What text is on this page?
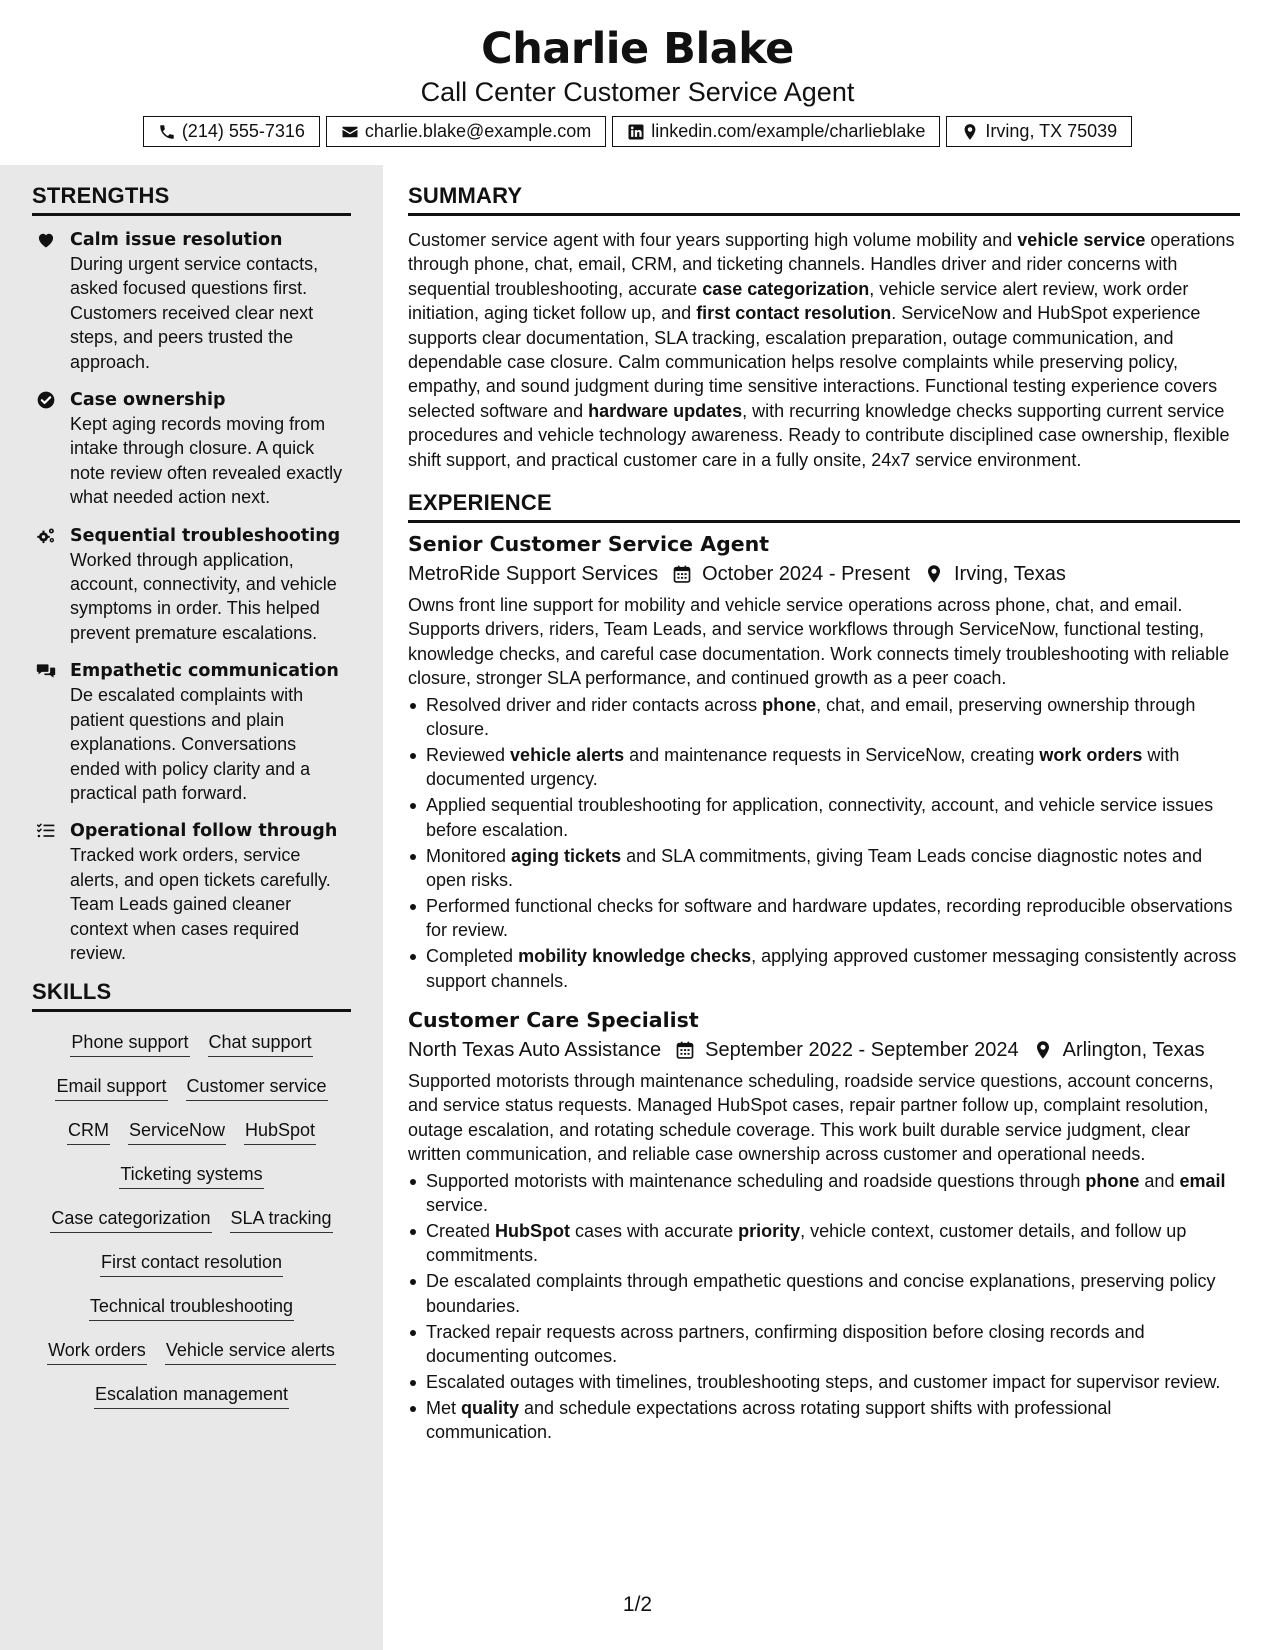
Charlie Blake
Call Center Customer Service Agent
(214) 555-7316	charlie.blake@example.com	linkedin.com/example/charlieblake	Irving, TX 75039
STRENGTHS
Calm issue resolution
During urgent service contacts, asked focused questions first. Customers received clear next steps, and peers trusted the approach.
Case ownership
Kept aging records moving from intake through closure. A quick note review often revealed exactly what needed action next.
Sequential troubleshooting
Worked through application, account, connectivity, and vehicle symptoms in order. This helped prevent premature escalations.
Empathetic communication
De escalated complaints with patient questions and plain explanations. Conversations ended with policy clarity and a practical path forward.
Operational follow through
Tracked work orders, service alerts, and open tickets carefully. Team Leads gained cleaner context when cases required review.
SKILLS
Phone support Chat support
Email support Customer service
CRM ServiceNow HubSpot
Ticketing systems
Case categorization SLA tracking
First contact resolution
Technical troubleshooting
Work orders Vehicle service alerts
Escalation management
SUMMARY
Customer service agent with four years supporting high volume mobility and vehicle service operations through phone, chat, email, CRM, and ticketing channels. Handles driver and rider concerns with sequential troubleshooting, accurate case categorization, vehicle service alert review, work order initiation, aging ticket follow up, and first contact resolution. ServiceNow and HubSpot experience supports clear documentation, SLA tracking, escalation preparation, outage communication, and dependable case closure. Calm communication helps resolve complaints while preserving policy, empathy, and sound judgment during time sensitive interactions. Functional testing experience covers selected software and hardware updates, with recurring knowledge checks supporting current service procedures and vehicle technology awareness. Ready to contribute disciplined case ownership, flexible shift support, and practical customer care in a fully onsite, 24x7 service environment.
EXPERIENCE
Senior Customer Service Agent
MetroRide Support Services October 2024 - Present Irving, Texas
Owns front line support for mobility and vehicle service operations across phone, chat, and email. Supports drivers, riders, Team Leads, and service workflows through ServiceNow, functional testing, knowledge checks, and careful case documentation. Work connects timely troubleshooting with reliable closure, stronger SLA performance, and continued growth as a peer coach.
Resolved driver and rider contacts across phone, chat, and email, preserving ownership through closure.
Reviewed vehicle alerts and maintenance requests in ServiceNow, creating work orders with documented urgency.
Applied sequential troubleshooting for application, connectivity, account, and vehicle service issues before escalation.
Monitored aging tickets and SLA commitments, giving Team Leads concise diagnostic notes and open risks.
Performed functional checks for software and hardware updates, recording reproducible observations for review.
Completed mobility knowledge checks, applying approved customer messaging consistently across support channels.
Customer Care Specialist
North Texas Auto Assistance September 2022 - September 2024 Arlington, Texas
Supported motorists through maintenance scheduling, roadside service questions, account concerns, and service status requests. Managed HubSpot cases, repair partner follow up, complaint resolution, outage escalation, and rotating schedule coverage. This work built durable service judgment, clear written communication, and reliable case ownership across customer and operational needs.
Supported motorists with maintenance scheduling and roadside questions through phone and email service.
Created HubSpot cases with accurate priority, vehicle context, customer details, and follow up commitments.
De escalated complaints through empathetic questions and concise explanations, preserving policy boundaries.
Tracked repair requests across partners, confirming disposition before closing records and documenting outcomes.
Escalated outages with timelines, troubleshooting steps, and customer impact for supervisor review.
Met quality and schedule expectations across rotating support shifts with professional communication.
1/2
